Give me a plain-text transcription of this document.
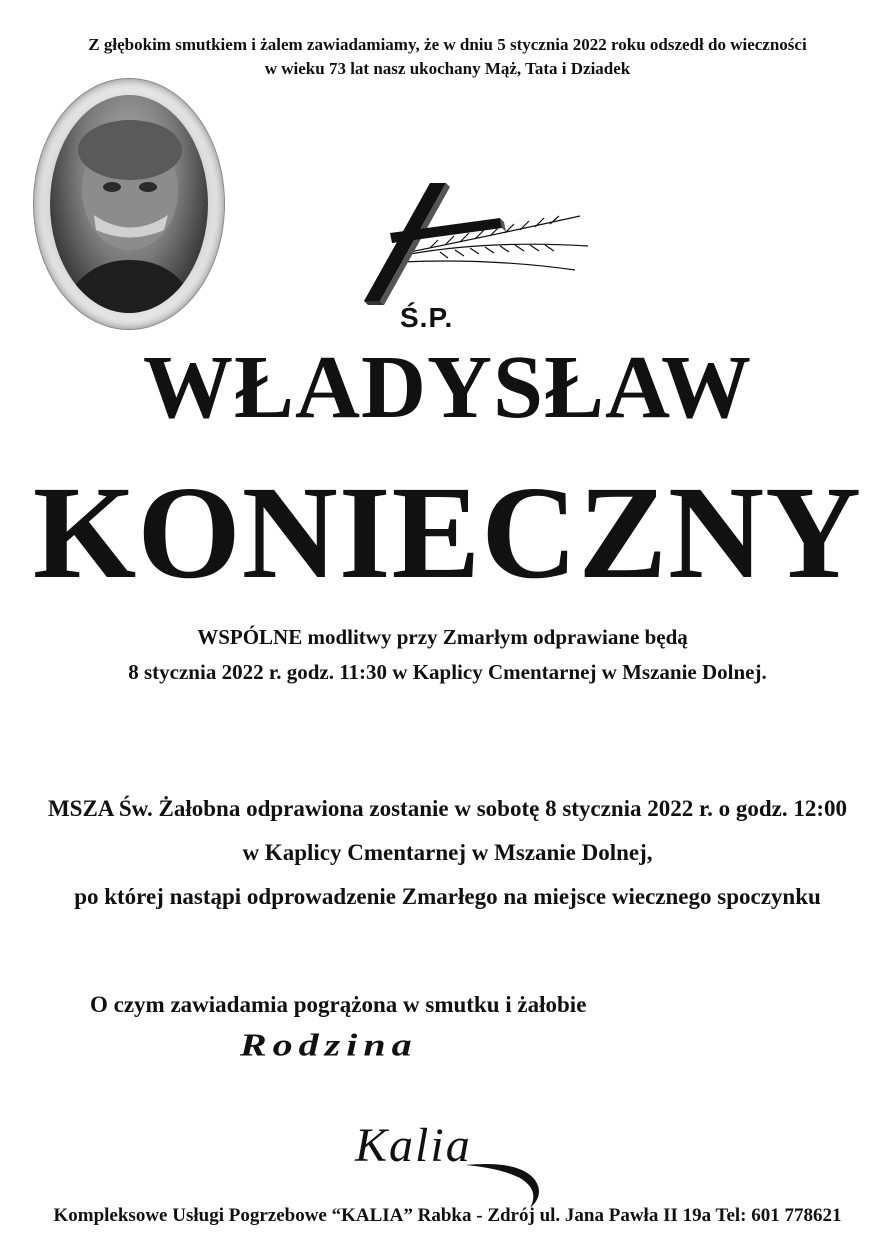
Z głębokim smutkiem i żalem zawiadamiamy, że w dniu 5 stycznia 2022 roku odszedł do wieczności
w wieku 73 lat nasz ukochany Mąż, Tata i Dziadek
Ś.P.
WŁADYSŁAW
KONIECZNY
WSPÓLNE modlitwy przy Zmarłym odprawiane będą
8 stycznia 2022 r. godz. 11:30 w Kaplicy Cmentarnej w Mszanie Dolnej.
MSZA Św. Żałobna odprawiona zostanie w sobotę 8 stycznia 2022 r. o godz. 12:00
w Kaplicy Cmentarnej w Mszanie Dolnej,
po której nastąpi odprowadzenie Zmarłego na miejsce wiecznego spoczynku
O czym zawiadamia pogrążona w smutku i żałobie
Rodzina
Kalia
Kompleksowe Usługi Pogrzebowe “KALIA” Rabka - Zdrój ul. Jana Pawła II 19a Tel: 601 778621
